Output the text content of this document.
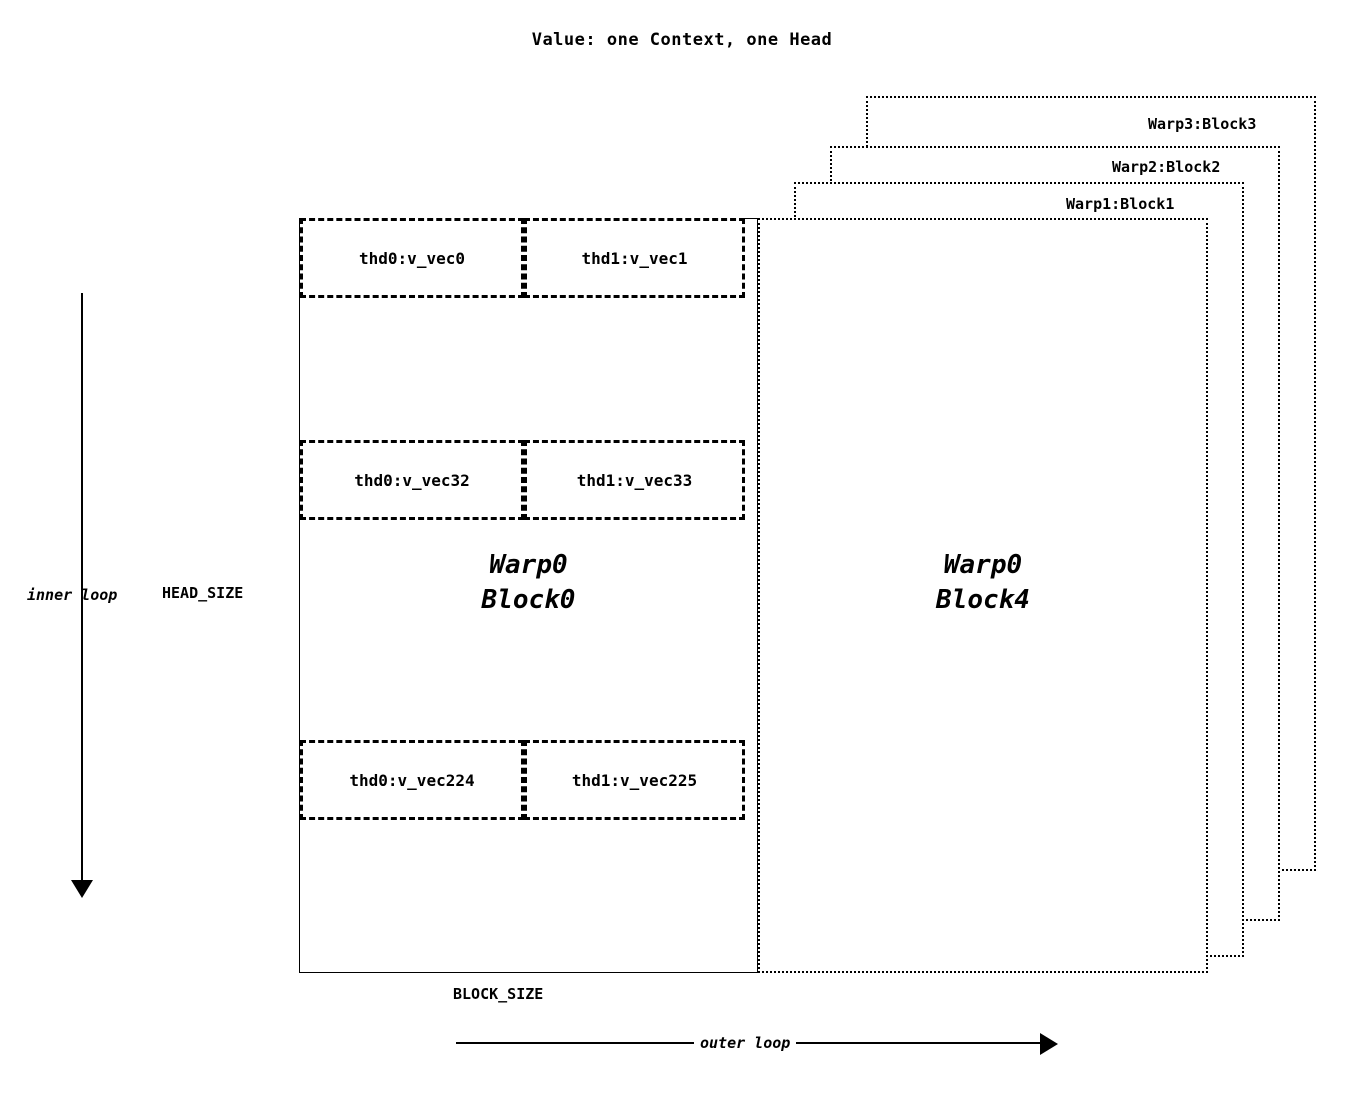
Value: one Context, one Head
Warp3:Block3
Warp2:Block2
Warp1:Block1
Warp0
Block4
Warp0
Block0
thd0:v_vec0	thd1:v_vec1
thd0:v_vec32	thd1:v_vec33
thd0:v_vec224	thd1:v_vec225
inner loop	HEAD_SIZE
BLOCK_SIZE
outer loop
